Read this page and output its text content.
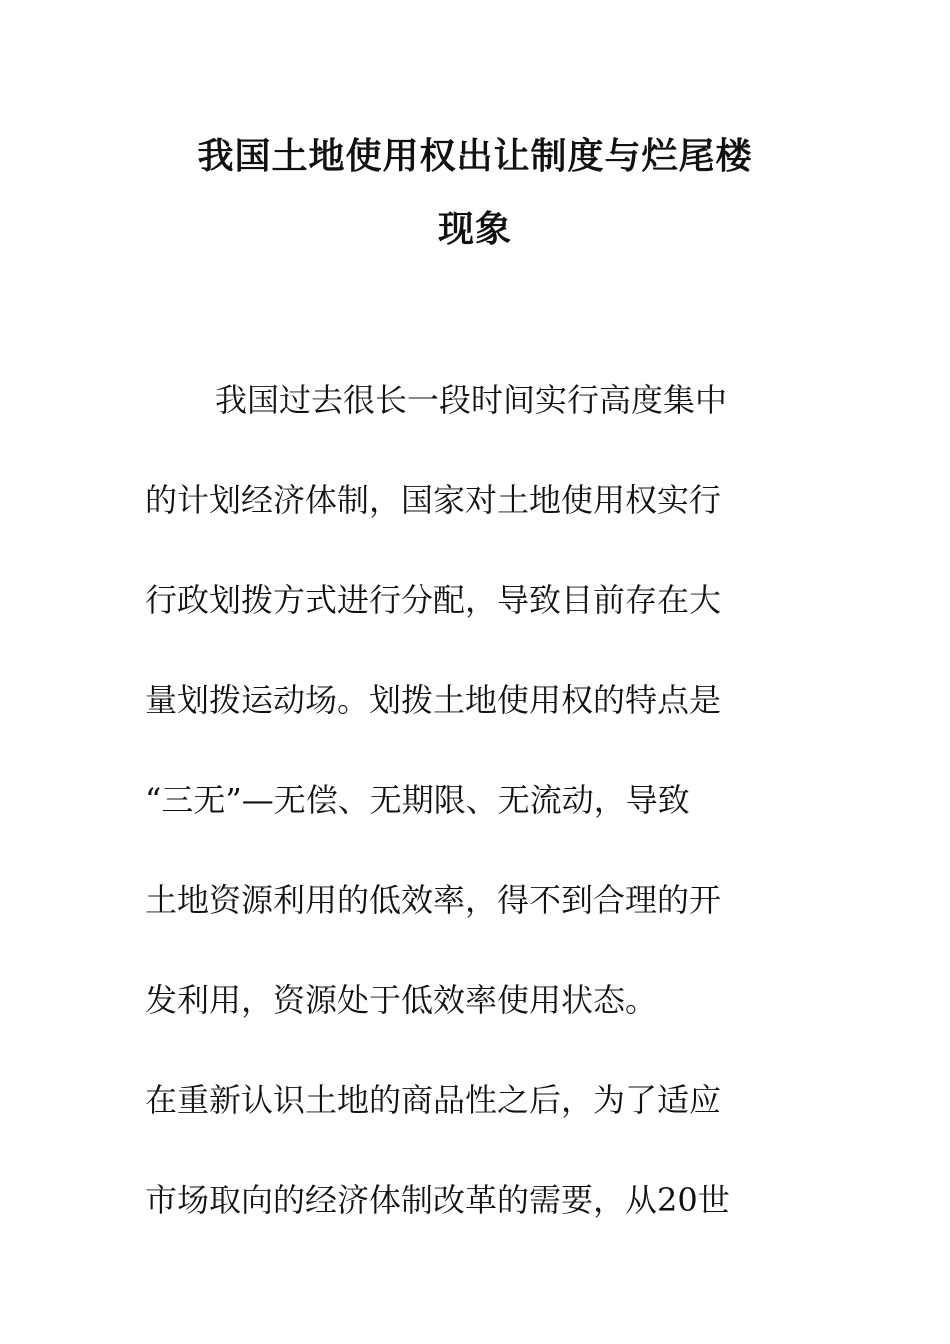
我国土地使用权出让制度与烂尾楼
现象
我国过去很长一段时间实行高度集中
的计划经济体制，国家对土地使用权实行
行政划拨方式进行分配，导致目前存在大
量划拨运动场。划拨土地使用权的特点是
“三无”—无偿、无期限、无流动，导致
土地资源利用的低效率，得不到合理的开
发利用，资源处于低效率使用状态。
在重新认识土地的商品性之后，为了适应
市场取向的经济体制改革的需要，从20世
